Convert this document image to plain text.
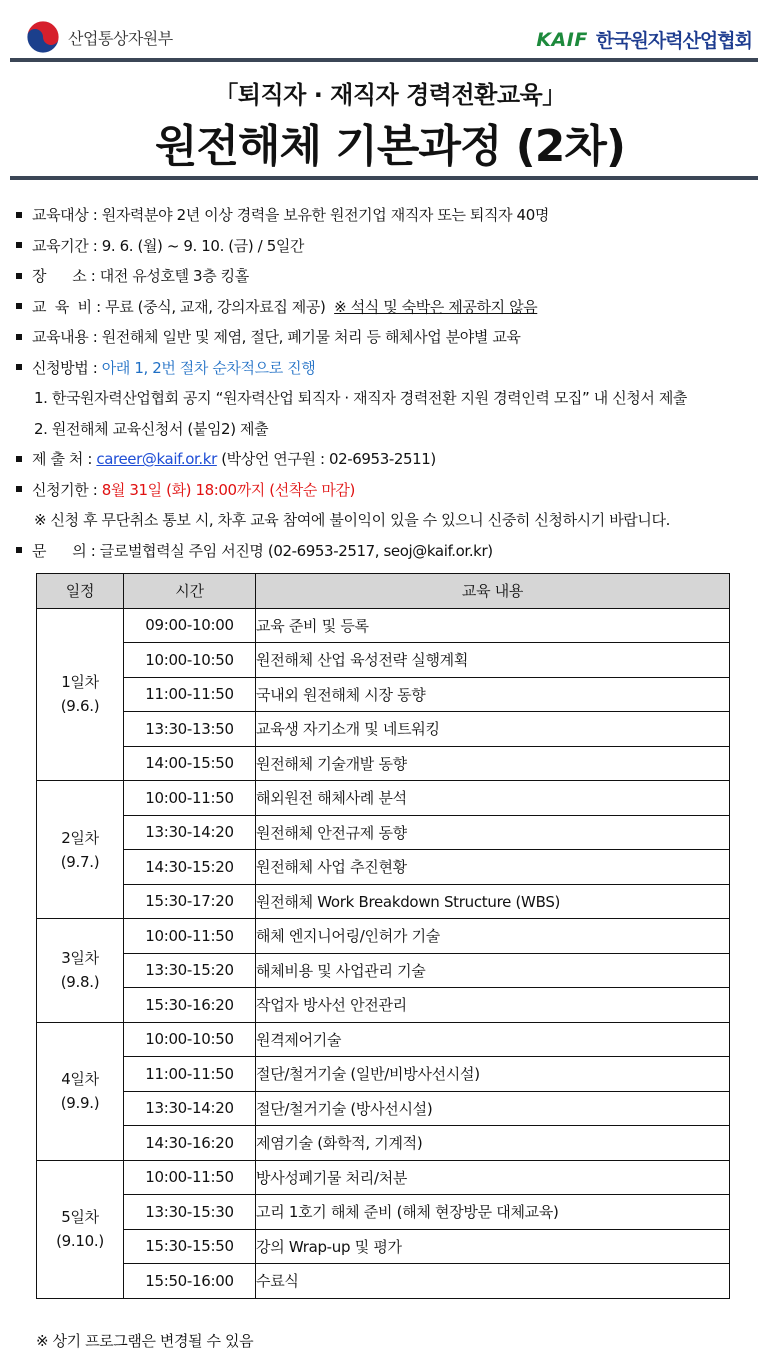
산업통상자원부	KAIF 한국원자력산업협회
「퇴직자 · 재직자 경력전환교육」
원전해체 기본과정 (2차)
교육대상 : 원자력분야 2년 이상 경력을 보유한 원전기업 재직자 또는 퇴직자 40명
교육기간 : 9. 6. (월) ~ 9. 10. (금) / 5일간
장      소 : 대전 유성호텔 3층 킹홀
교  육  비 : 무료 (중식, 교재, 강의자료집 제공)  ※ 석식 및 숙박은 제공하지 않음
교육내용 : 원전해체 일반 및 제염, 절단, 폐기물 처리 등 해체사업 분야별 교육
신청방법 : 아래 1, 2번 절차 순차적으로 진행
1. 한국원자력산업협회 공지 “원자력산업 퇴직자 · 재직자 경력전환 지원 경력인력 모집” 내 신청서 제출
2. 원전해체 교육신청서 (붙임2) 제출
제 출 처 : career@kaif.or.kr (박상언 연구원 : 02-6953-2511)
신청기한 : 8월 31일 (화) 18:00까지 (선착순 마감)
※ 신청 후 무단취소 통보 시, 차후 교육 참여에 불이익이 있을 수 있으니 신중히 신청하시기 바랍니다.
문      의 : 글로벌협력실 주임 서진명 (02-6953-2517, seoj@kaif.or.kr)
일정	시간	교육 내용
1일차
(9.6.)	09:00-10:00	교육 준비 및 등록
	10:00-10:50	원전해체 산업 육성전략 실행계획
	11:00-11:50	국내외 원전해체 시장 동향
	13:30-13:50	교육생 자기소개 및 네트워킹
	14:00-15:50	원전해체 기술개발 동향
2일차
(9.7.)	10:00-11:50	해외원전 해체사례 분석
	13:30-14:20	원전해체 안전규제 동향
	14:30-15:20	원전해체 사업 추진현황
	15:30-17:20	원전해체 Work Breakdown Structure (WBS)
3일차
(9.8.)	10:00-11:50	해체 엔지니어링/인허가 기술
	13:30-15:20	해체비용 및 사업관리 기술
	15:30-16:20	작업자 방사선 안전관리
4일차
(9.9.)	10:00-10:50	원격제어기술
	11:00-11:50	절단/철거기술 (일반/비방사선시설)
	13:30-14:20	절단/철거기술 (방사선시설)
	14:30-16:20	제염기술 (화학적, 기계적)
5일차
(9.10.)	10:00-11:50	방사성폐기물 처리/처분
	13:30-15:30	고리 1호기 해체 준비 (해체 현장방문 대체교육)
	15:30-15:50	강의 Wrap-up 및 평가
	15:50-16:00	수료식
※ 상기 프로그램은 변경될 수 있음
